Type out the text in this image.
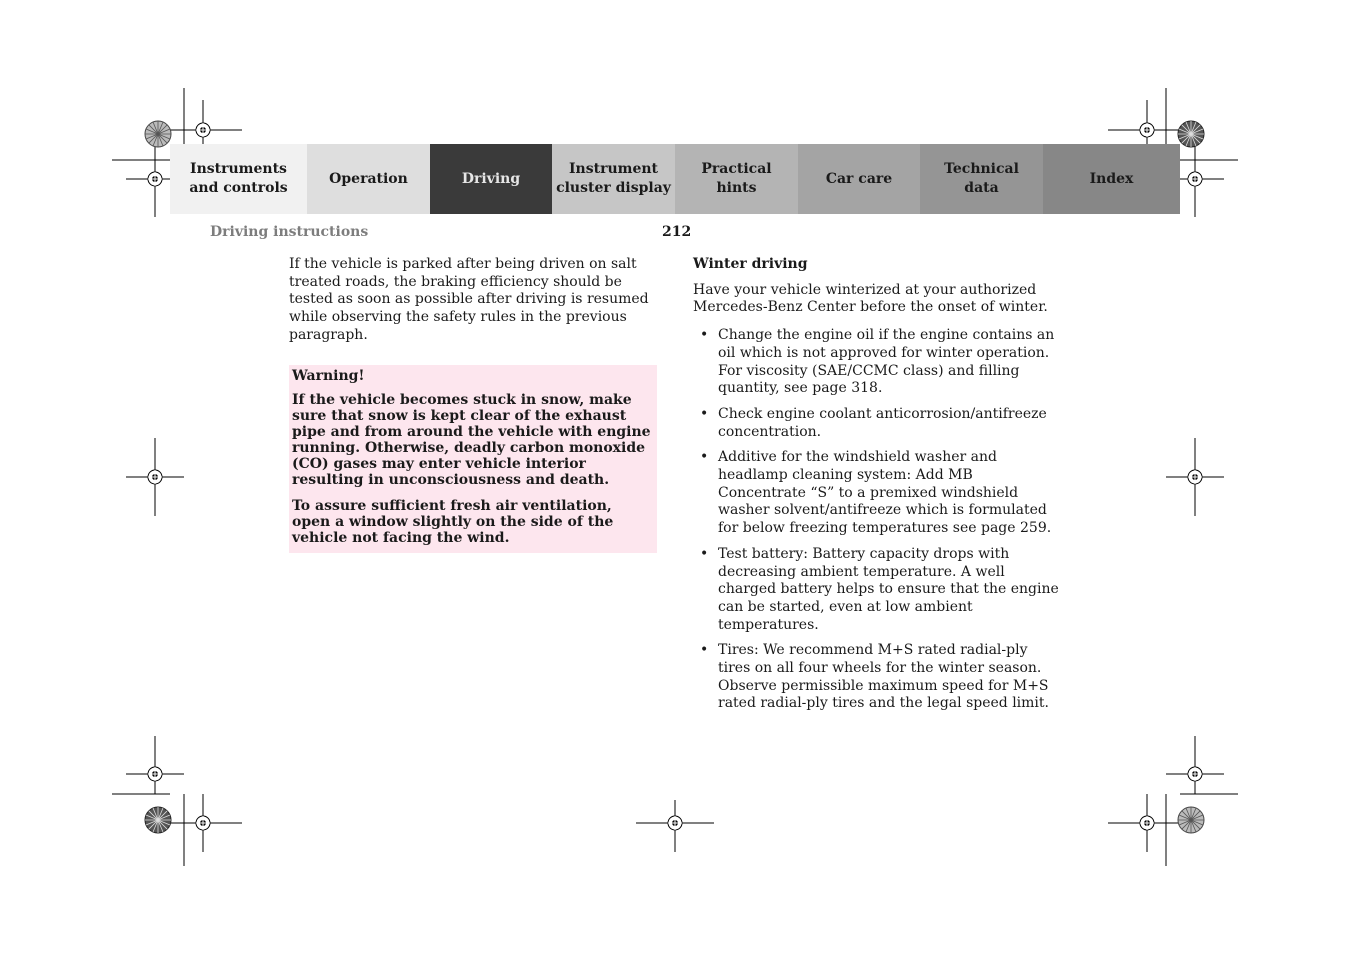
Instruments
and controls
Operation	Driving
Instrument
cluster display
Practical hints
Car care
Technical
data
Index
Driving instructions	212

If the vehicle is parked after being driven on salt treated roads, the braking efficiency should be tested as soon as possible after driving is resumed while observing the safety rules in the previous paragraph.

Warning!

If the vehicle becomes stuck in snow, make sure that snow is kept clear of the exhaust pipe and from around the vehicle with engine running. Otherwise, deadly carbon monoxide (CO) gases may enter vehicle interior resulting in unconsciousness and death.

To assure sufficient fresh air ventilation, open a window slightly on the side of the vehicle not facing the wind.

Winter driving

Have your vehicle winterized at your authorized Mercedes-Benz Center before the onset of winter.

• Change the engine oil if the engine contains an oil which is not approved for winter operation. For viscosity (SAE/CCMC class) and filling quantity, see page 318.
• Check engine coolant anticorrosion/antifreeze concentration.
• Additive for the windshield washer and headlamp cleaning system: Add MB Concentrate “S” to a premixed windshield washer solvent/antifreeze which is formulated for below freezing temperatures see page 259.
• Test battery: Battery capacity drops with decreasing ambient temperature. A well charged battery helps to ensure that the engine can be started, even at low ambient temperatures.
• Tires: We recommend M+S rated radial-ply tires on all four wheels for the winter season. Observe permissible maximum speed for M+S rated radial-ply tires and the legal speed limit.
